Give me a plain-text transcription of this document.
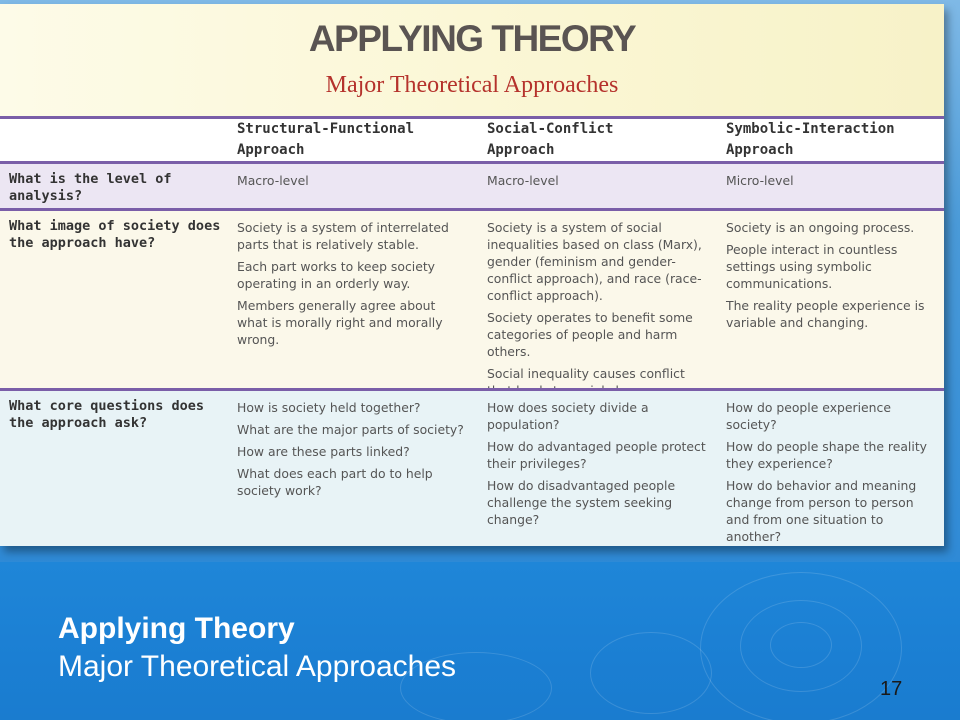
APPLYING THEORY
Major Theoretical Approaches
Structural-Functional
Approach
Social-Conflict
Approach
Symbolic-Interaction
Approach
What is the level of analysis?

Macro-level	Macro-level	Micro-level

What image of society does
the approach have?

Society is a system of interrelated parts that is relatively stable.

Each part works to keep society operating in an orderly way.

Members generally agree about what is morally right and morally wrong.

Society is a system of social inequalities based on class (Marx), gender (feminism and gender-conflict approach), and race (race-conflict approach).

Society operates to benefit some categories of people and harm others.

Social inequality causes conflict

Society is an ongoing process.

People interact in countless settings using symbolic communications.

The reality people experience is variable and changing.

What core questions does
the approach ask?

How is society held together?

What are the major parts of society?

How are these parts linked?

What does each part do to help society work?

How does society divide a population?

How do advantaged people protect their privileges?

How do disadvantaged people challenge the system seeking change?

How do people experience society?

How do people shape the reality they experience?

How do behavior and meaning change from person to person and from one situation to another?

Applying Theory
Major Theoretical Approaches
17
